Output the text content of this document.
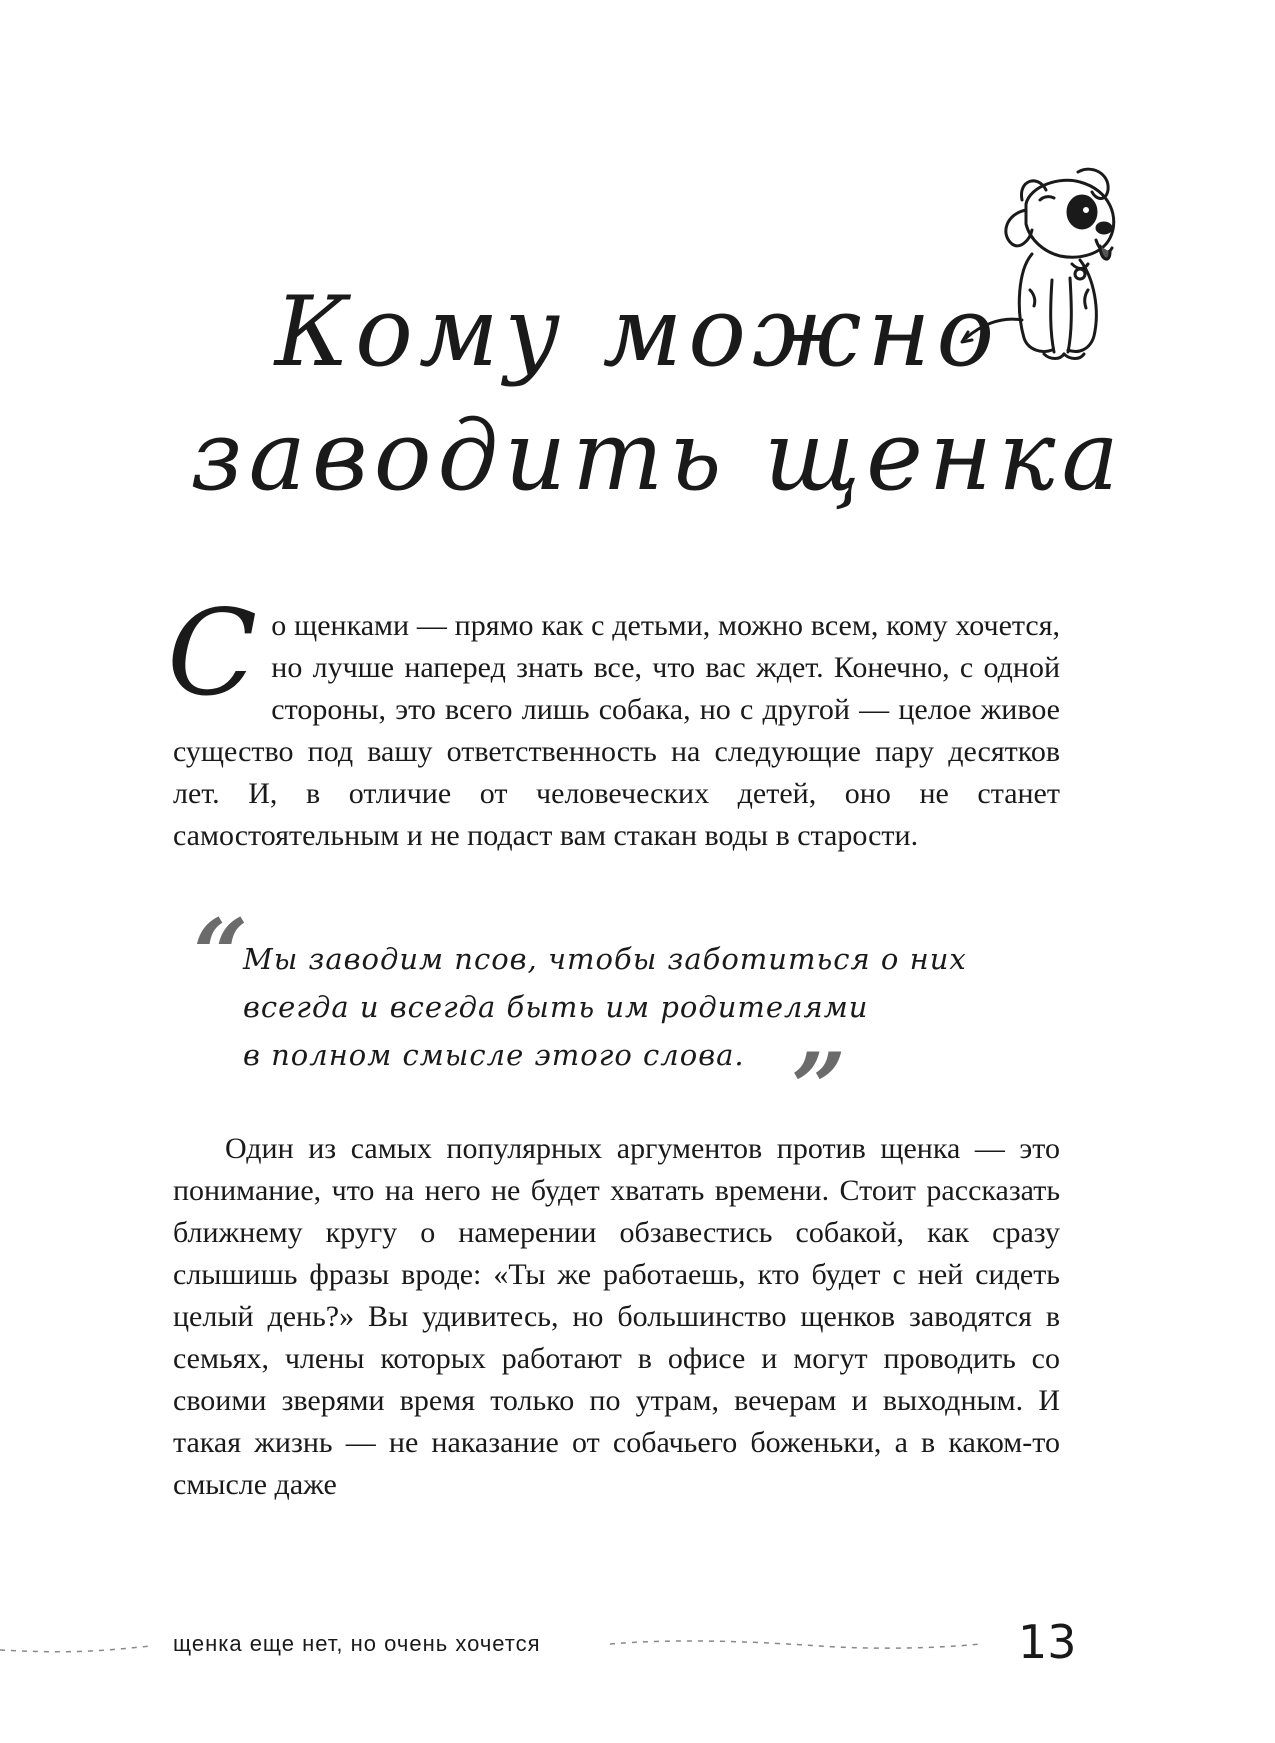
Кому можно
заводить щенка

Со щенками — прямо как с детьми, можно всем, кому хочется, но лучше наперед знать все, что вас ждет. Конечно, с одной стороны, это всего лишь собака, но с другой — целое живое существо под вашу ответственность на следующие пару десятков лет. И, в отличие от человеческих детей, оно не станет самостоятельным и не подаст вам стакан воды в старости.

“

Мы заводим псов, чтобы заботиться о них
всегда и всегда быть им родителями
в полном смысле этого слова. ”

Один из самых популярных аргументов против щенка — это понимание, что на него не будет хватать времени. Стоит рассказать ближнему кругу о намерении обзавестись собакой, как сразу слышишь фразы вроде: «Ты же работаешь, кто будет с ней сидеть целый день?» Вы удивитесь, но большинство щенков заводятся в семьях, члены которых работают в офисе и могут проводить со своими зверями время только по утрам, вечерам и выходным. И такая жизнь — не наказание от собачьего боженьки, а в каком-то смысле даже

щенка еще нет, но очень хочется	13
